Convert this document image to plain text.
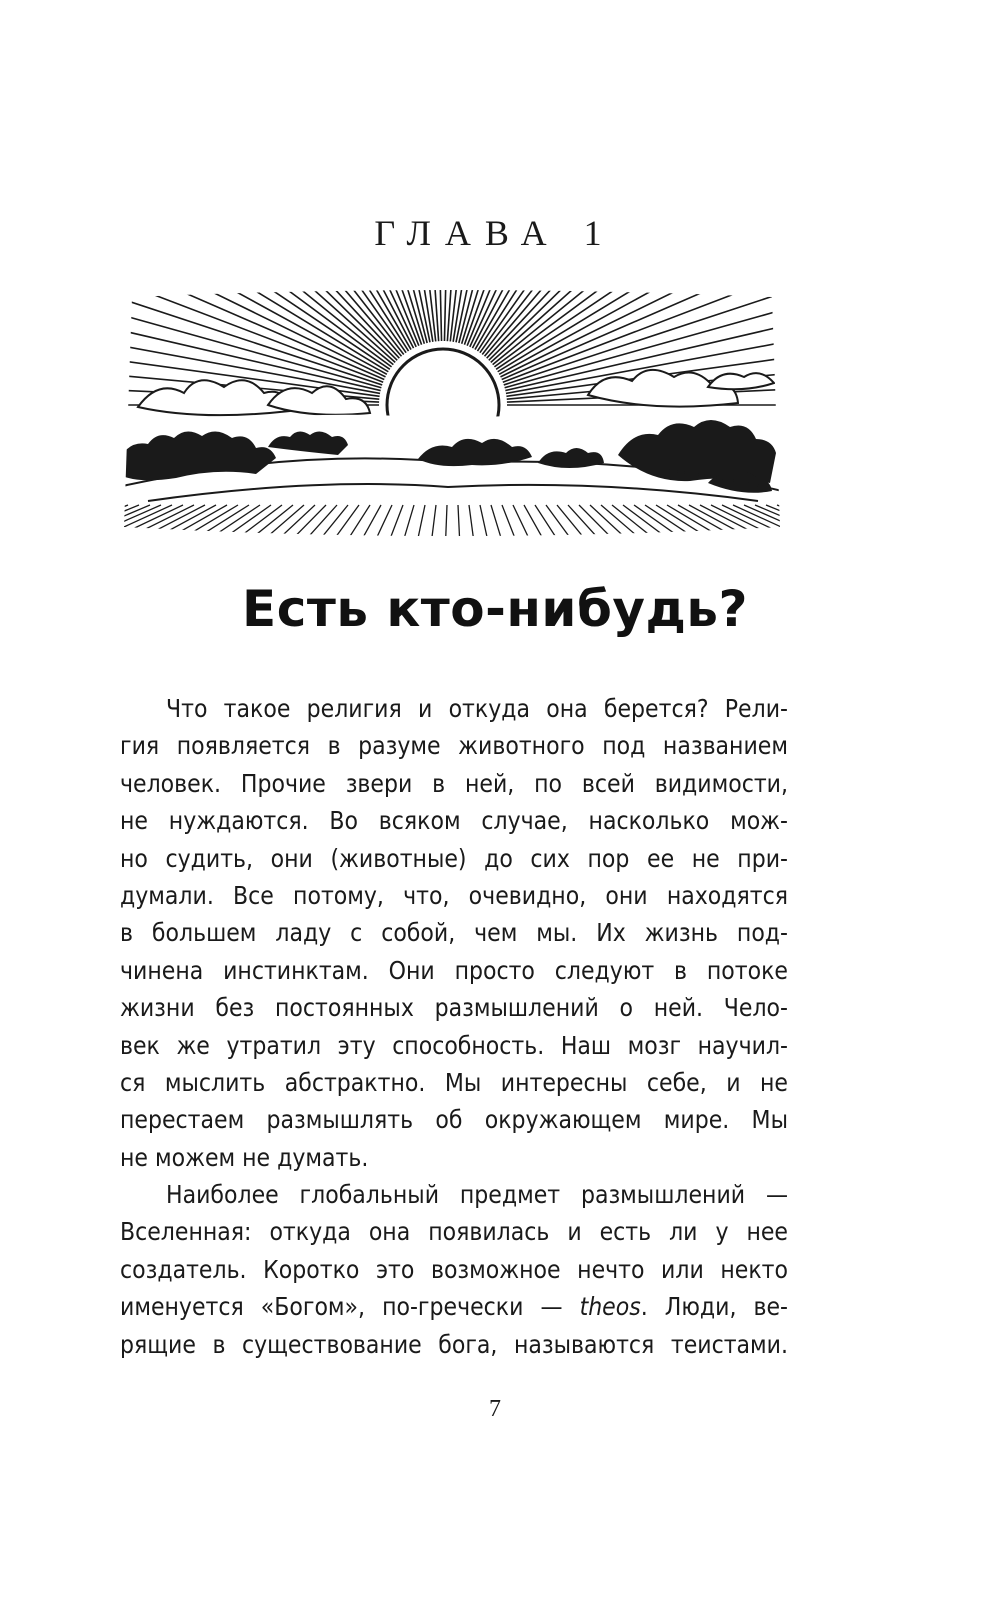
ГЛАВА 1
Есть кто-нибудь?
Что такое религия и откуда она берется? Рели-
гия появляется в разуме животного под названием
человек. Прочие звери в ней, по всей видимости,
не нуждаются. Во всяком случае, насколько мож-
но судить, они (животные) до сих пор ее не при-
думали. Все потому, что, очевидно, они находятся
в большем ладу с собой, чем мы. Их жизнь под-
чинена инстинктам. Они просто следуют в потоке
жизни без постоянных размышлений о ней. Чело-
век же утратил эту способность. Наш мозг научил-
ся мыслить абстрактно. Мы интересны себе, и не
перестаем размышлять об окружающем мире. Мы
не можем не думать.
Наиболее глобальный предмет размышлений —
Вселенная: откуда она появилась и есть ли у нее
создатель. Коротко это возможное нечто или некто
именуется «Богом», по-гречески — theos. Люди, ве-
рящие в существование бога, называются теистами.
7
